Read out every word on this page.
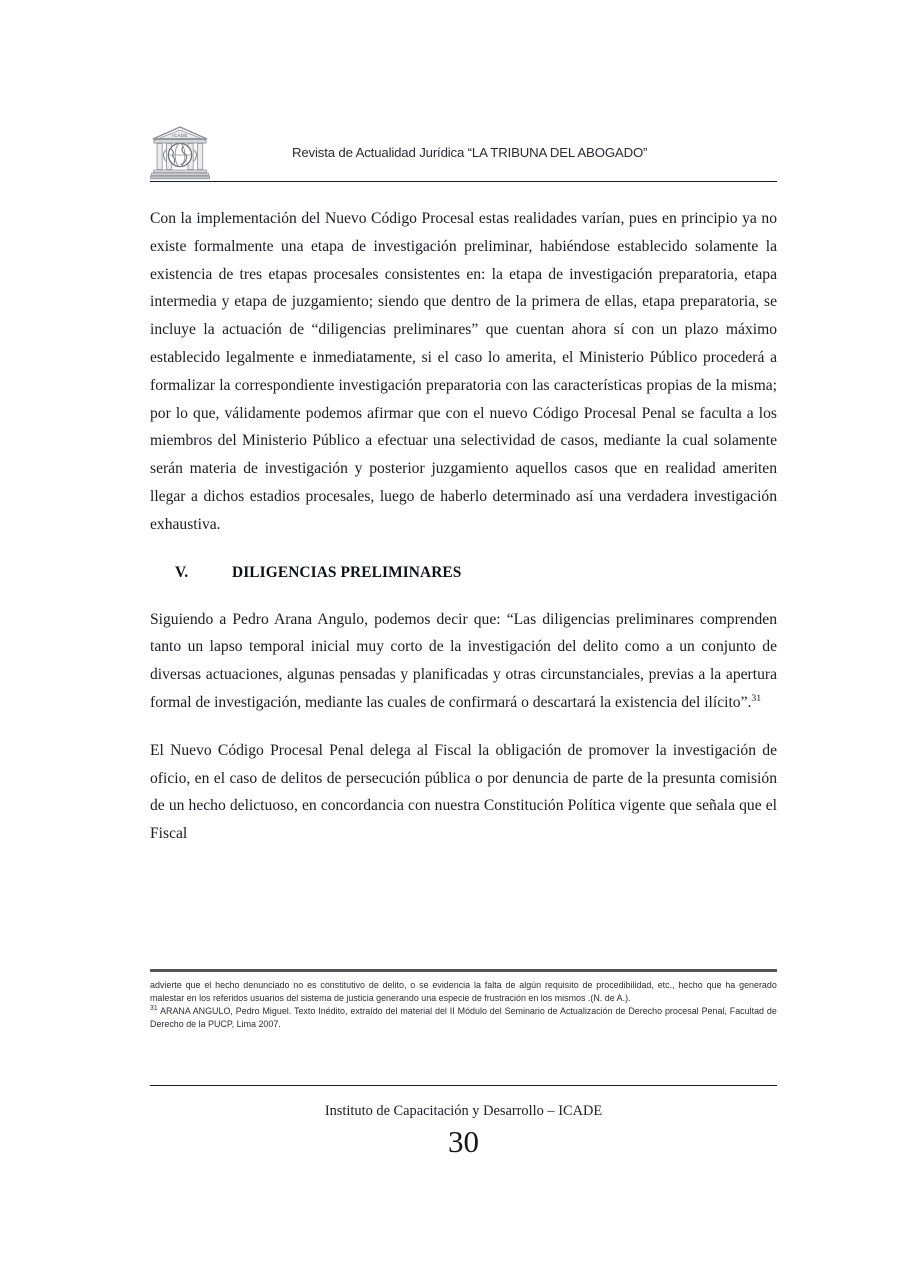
ICADE
Revista de Actualidad Jurídica “LA TRIBUNA DEL ABOGADO”

Con la implementación del Nuevo Código Procesal estas realidades varían, pues en principio ya no existe formalmente una etapa de investigación preliminar, habiéndose establecido solamente la existencia de tres etapas procesales consistentes en: la etapa de investigación preparatoria, etapa intermedia y etapa de juzgamiento; siendo que dentro de la primera de ellas, etapa preparatoria, se incluye la actuación de “diligencias preliminares” que cuentan ahora sí con un plazo máximo establecido legalmente e inmediatamente, si el caso lo amerita, el Ministerio Público procederá a formalizar la correspondiente investigación preparatoria con las características propias de la misma; por lo que, válidamente podemos afirmar que con el nuevo Código Procesal Penal se faculta a los miembros del Ministerio Público a efectuar una selectividad de casos, mediante la cual solamente serán materia de investigación y posterior juzgamiento aquellos casos que en realidad ameriten llegar a dichos estadios procesales, luego de haberlo determinado así una verdadera investigación exhaustiva.

V.	DILIGENCIAS PRELIMINARES

Siguiendo a Pedro Arana Angulo, podemos decir que: “Las diligencias preliminares comprenden tanto un lapso temporal inicial muy corto de la investigación del delito como a un conjunto de diversas actuaciones, algunas pensadas y planificadas y otras circunstanciales, previas a la apertura formal de investigación, mediante las cuales de confirmará o descartará la existencia del ilícito”.$^{31}$

El Nuevo Código Procesal Penal delega al Fiscal la obligación de promover la investigación de oficio, en el caso de delitos de persecución pública o por denuncia de parte de la presunta comisión de un hecho delictuoso, en concordancia con nuestra Constitución Política vigente que señala que el Fiscal

advierte que el hecho denunciado no es constitutivo de delito, o se evidencia la falta de algún requisito de procedibilidad, etc., hecho que ha generado malestar en los referidos usuarios del sistema de justicia generando una especie de frustración en los mismos .(N. de A.).

$^{31}$ ARANA ANGULO, Pedro Miguel. Texto Inédito, extraído del material del II Módulo del Seminario de Actualización de Derecho procesal Penal, Facultad de Derecho de la PUCP, Lima 2007.

Instituto de Capacitación y Desarrollo – ICADE
30
